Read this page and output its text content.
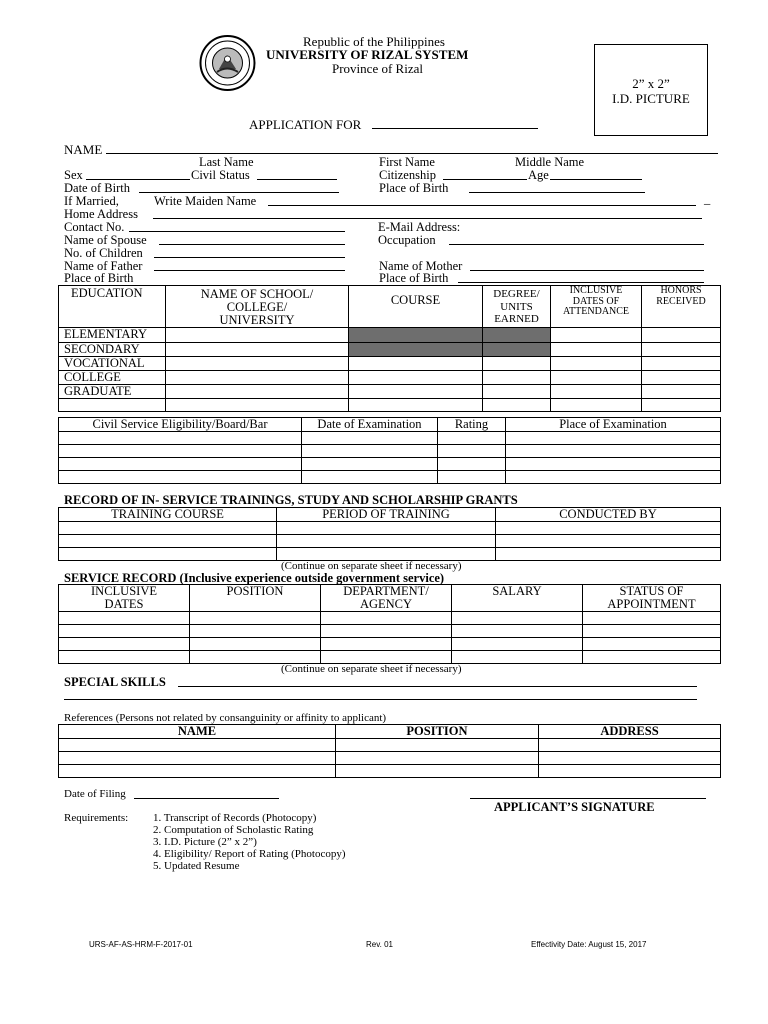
Republic of the Philippines
UNIVERSITY OF RIZAL SYSTEM
Province of Rizal
2” x 2”
I.D. PICTURE
APPLICATION FOR
NAME
Last Name	First Name	Middle Name
Sex	Civil Status	Citizenship	Age
Date of Birth	Place of Birth
If Married,	Write Maiden Name	_
Home Address
Contact No.	E-Mail Address:
Name of Spouse	Occupation
No. of Children
Name of Father	Name of Mother
Place of Birth	Place of Birth
EDUCATION	NAME OF SCHOOL/ COLLEGE/ UNIVERSITY	COURSE	DEGREE/ UNITS EARNED	INCLUSIVE DATES OF ATTENDANCE	HONORS RECEIVED
ELEMENTARY					
SECONDARY					
VOCATIONAL					
COLLEGE					
GRADUATE					

Civil Service Eligibility/Board/Bar	Date of Examination	Rating	Place of Examination

RECORD OF IN- SERVICE TRAININGS, STUDY AND SCHOLARSHIP GRANTS
TRAINING COURSE	PERIOD OF TRAINING	CONDUCTED BY

(Continue on separate sheet if necessary)
SERVICE RECORD (Inclusive experience outside government service)
INCLUSIVE DATES	POSITION	DEPARTMENT/ AGENCY	SALARY	STATUS OF APPOINTMENT

(Continue on separate sheet if necessary)
SPECIAL SKILLS
References (Persons not related by consanguinity or affinity to applicant)
NAME	POSITION	ADDRESS

Date of Filing
APPLICANT’S SIGNATURE
Requirements: 1. Transcript of Records (Photocopy)
2. Computation of Scholastic Rating
3. I.D. Picture (2” x 2”)
4. Eligibility/ Report of Rating (Photocopy)
5. Updated Resume
URS-AF-AS-HRM-F-2017-01	Rev. 01	Effectivity Date: August 15, 2017
